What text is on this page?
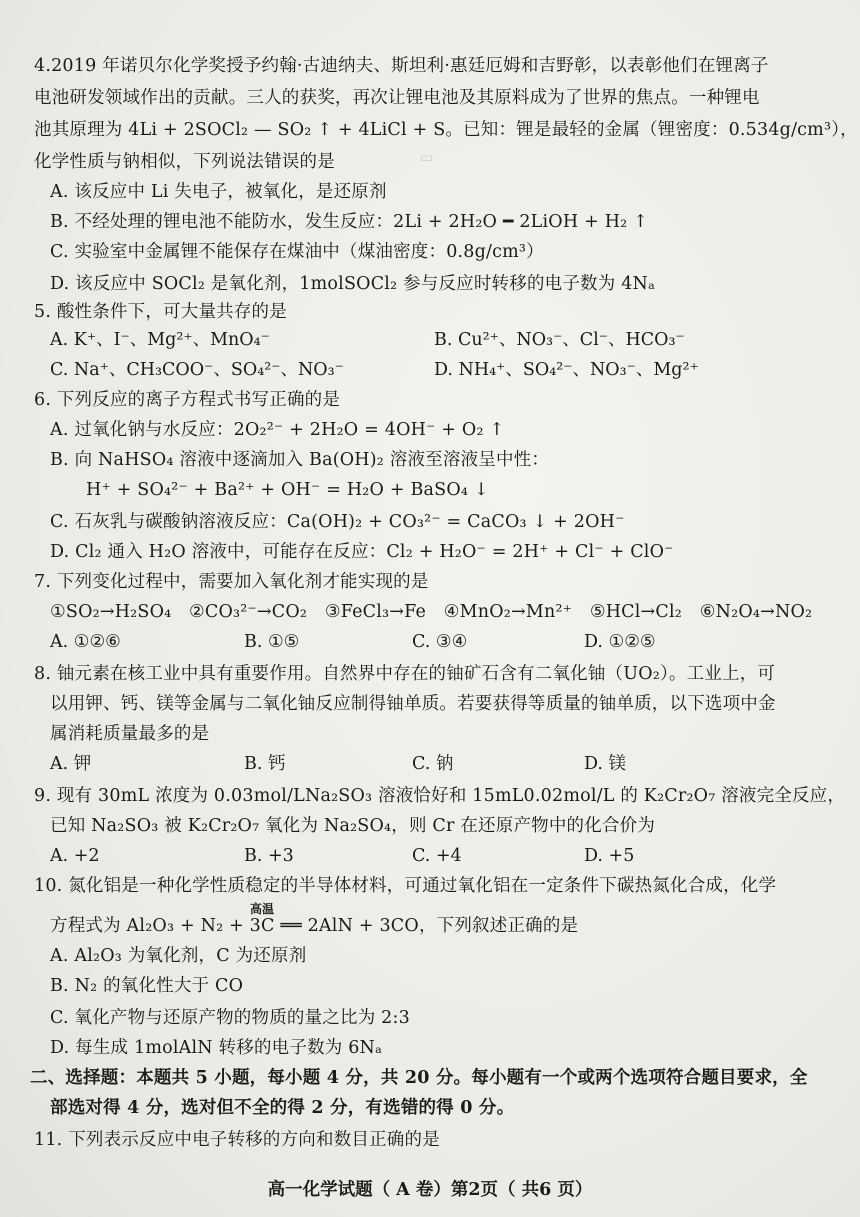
▭
4.2019 年诺贝尔化学奖授予约翰·古迪纳夫、斯坦利·惠廷厄姆和吉野彰，以表彰他们在锂离子
电池研发领域作出的贡献。三人的获奖，再次让锂电池及其原料成为了世界的焦点。一种锂电
池其原理为 4Li + 2SOCl₂ — SO₂ ↑ + 4LiCl + S。已知：锂是最轻的金属（锂密度：0.534g/cm³），
化学性质与钠相似，下列说法错误的是
A. 该反应中 Li 失电子，被氧化，是还原剂
B. 不经处理的锂电池不能防水，发生反应：2Li + 2H₂O ━ 2LiOH + H₂ ↑
C. 实验室中金属锂不能保存在煤油中（煤油密度：0.8g/cm³）
D. 该反应中 SOCl₂ 是氧化剂，1molSOCl₂ 参与反应时转移的电子数为 4Nₐ
5. 酸性条件下，可大量共存的是
A. K⁺、I⁻、Mg²⁺、MnO₄⁻	B. Cu²⁺、NO₃⁻、Cl⁻、HCO₃⁻
C. Na⁺、CH₃COO⁻、SO₄²⁻、NO₃⁻	D. NH₄⁺、SO₄²⁻、NO₃⁻、Mg²⁺
6. 下列反应的离子方程式书写正确的是
A. 过氧化钠与水反应：2O₂²⁻ + 2H₂O = 4OH⁻ + O₂ ↑
B. 向 NaHSO₄ 溶液中逐滴加入 Ba(OH)₂ 溶液至溶液呈中性：
H⁺ + SO₄²⁻ + Ba²⁺ + OH⁻ = H₂O + BaSO₄ ↓
C. 石灰乳与碳酸钠溶液反应：Ca(OH)₂ + CO₃²⁻ = CaCO₃ ↓ + 2OH⁻
D. Cl₂ 通入 H₂O 溶液中，可能存在反应：Cl₂ + H₂O⁻ = 2H⁺ + Cl⁻ + ClO⁻
7. 下列变化过程中，需要加入氧化剂才能实现的是
①SO₂→H₂SO₄　②CO₃²⁻→CO₂　③FeCl₃→Fe　④MnO₂→Mn²⁺　⑤HCl→Cl₂　⑥N₂O₄→NO₂
A. ①②⑥	B. ①⑤	C. ③④	D. ①②⑤
8. 铀元素在核工业中具有重要作用。自然界中存在的铀矿石含有二氧化铀（UO₂）。工业上，可
以用钾、钙、镁等金属与二氧化铀反应制得铀单质。若要获得等质量的铀单质，以下选项中金
属消耗质量最多的是
A. 钾	B. 钙	C. 钠	D. 镁
9. 现有 30mL 浓度为 0.03mol/LNa₂SO₃ 溶液恰好和 15mL0.02mol/L 的 K₂Cr₂O₇ 溶液完全反应，
已知 Na₂SO₃ 被 K₂Cr₂O₇ 氧化为 Na₂SO₄，则 Cr 在还原产物中的化合价为
A. +2	B. +3	C. +4	D. +5
10. 氮化铝是一种化学性质稳定的半导体材料，可通过氧化铝在一定条件下碳热氮化合成，化学
高温
方程式为 Al₂O₃ + N₂ + 3C ══ 2AlN + 3CO，下列叙述正确的是
A. Al₂O₃ 为氧化剂，C 为还原剂
B. N₂ 的氧化性大于 CO
C. 氧化产物与还原产物的物质的量之比为 2:3
D. 每生成 1molAlN 转移的电子数为 6Nₐ
二、选择题：本题共 5 小题，每小题 4 分，共 20 分。每小题有一个或两个选项符合题目要求，全
部选对得 4 分，选对但不全的得 2 分，有选错的得 0 分。
11. 下列表示反应中电子转移的方向和数目正确的是
高一化学试题（ A 卷）第2页（ 共6 页）
